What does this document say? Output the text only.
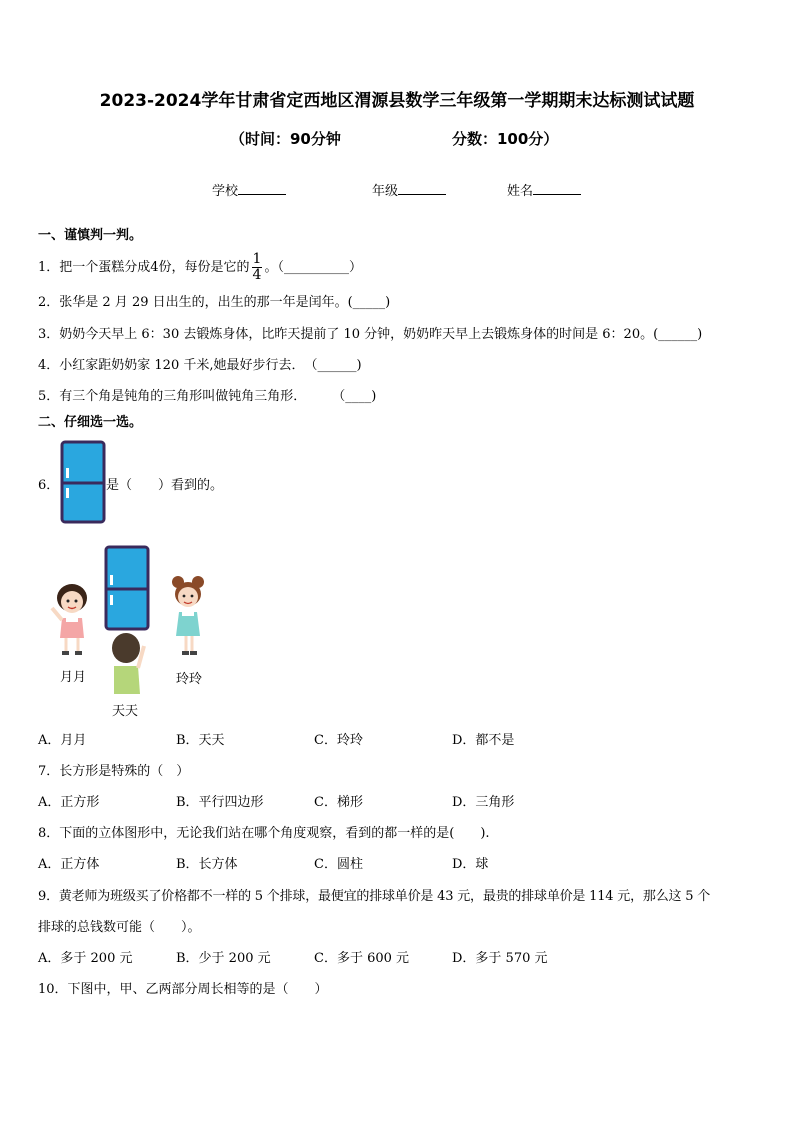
2023-2024学年甘肃省定西地区渭源县数学三年级第一学期期末达标测试试题
（时间：90分钟	分数：100分）
学校	年级	姓名
一、谨慎判一判。
1．把一个蛋糕分成4份，每份是它的 $\frac{1}{4}$ 。（__________）
2．张华是 2 月 29 日出生的，出生的那一年是闰年。(_____)
3．奶奶今天早上 6：30 去锻炼身体，比昨天提前了 10 分钟，奶奶昨天早上去锻炼身体的时间是 6：20。(______)
4．小红家距奶奶家 120 千米,她最好步行去．　（______)
5．有三个角是钝角的三角形叫做钝角三角形．　　　（____)
二、仔细选一选。
6．	是（　　）看到的。
月月	玲玲
天天
A．月月	B．天天	C．玲玲	D．都不是
7．长方形是特殊的（　）
A．正方形	B．平行四边形	C．梯形	D．三角形
8．下面的立体图形中，无论我们站在哪个角度观察，看到的都一样的是(　　).
A．正方体	B．长方体	C．圆柱	D．球
9．黄老师为班级买了价格都不一样的 5 个排球，最便宜的排球单价是 43 元，最贵的排球单价是 114 元，那么这 5 个
排球的总钱数可能（　　）。
A．多于 200 元	B．少于 200 元	C．多于 600 元	D．多于 570 元
10．下图中，甲、乙两部分周长相等的是（　　）
